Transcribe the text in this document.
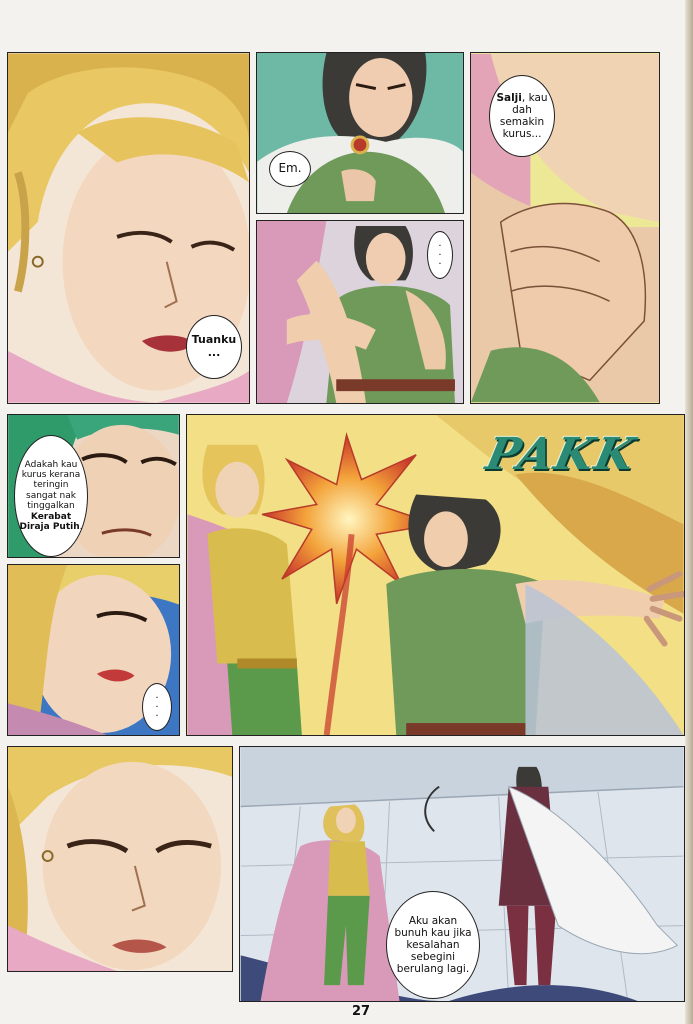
Tuanku
...
Em.
Salji, kau dah semakin kurus...
·
·
·
Adakah kau kurus kerana teringin sangat nak tinggalkan Kerabat Diraja Putih.
·
·
·
PAKK
Aku akan bunuh kau jika kesalahan sebegini berulang lagi.
27
